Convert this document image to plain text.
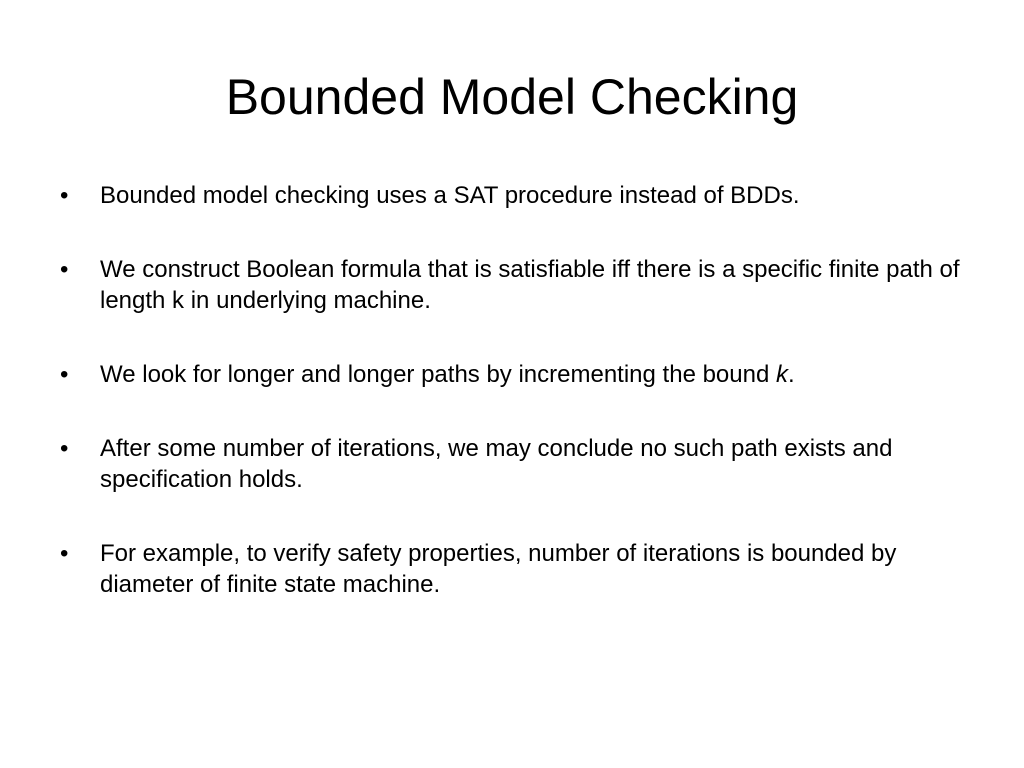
Bounded Model Checking
•	Bounded model checking uses a SAT procedure instead of BDDs.
•	We construct Boolean formula that is satisfiable iff there is a specific finite path of length k in underlying machine.
•	We look for longer and longer paths by incrementing the bound k.
•	After some number of iterations, we may conclude no such path exists and specification holds.
•	For example, to verify safety properties, number of iterations is bounded by diameter of finite state machine.
